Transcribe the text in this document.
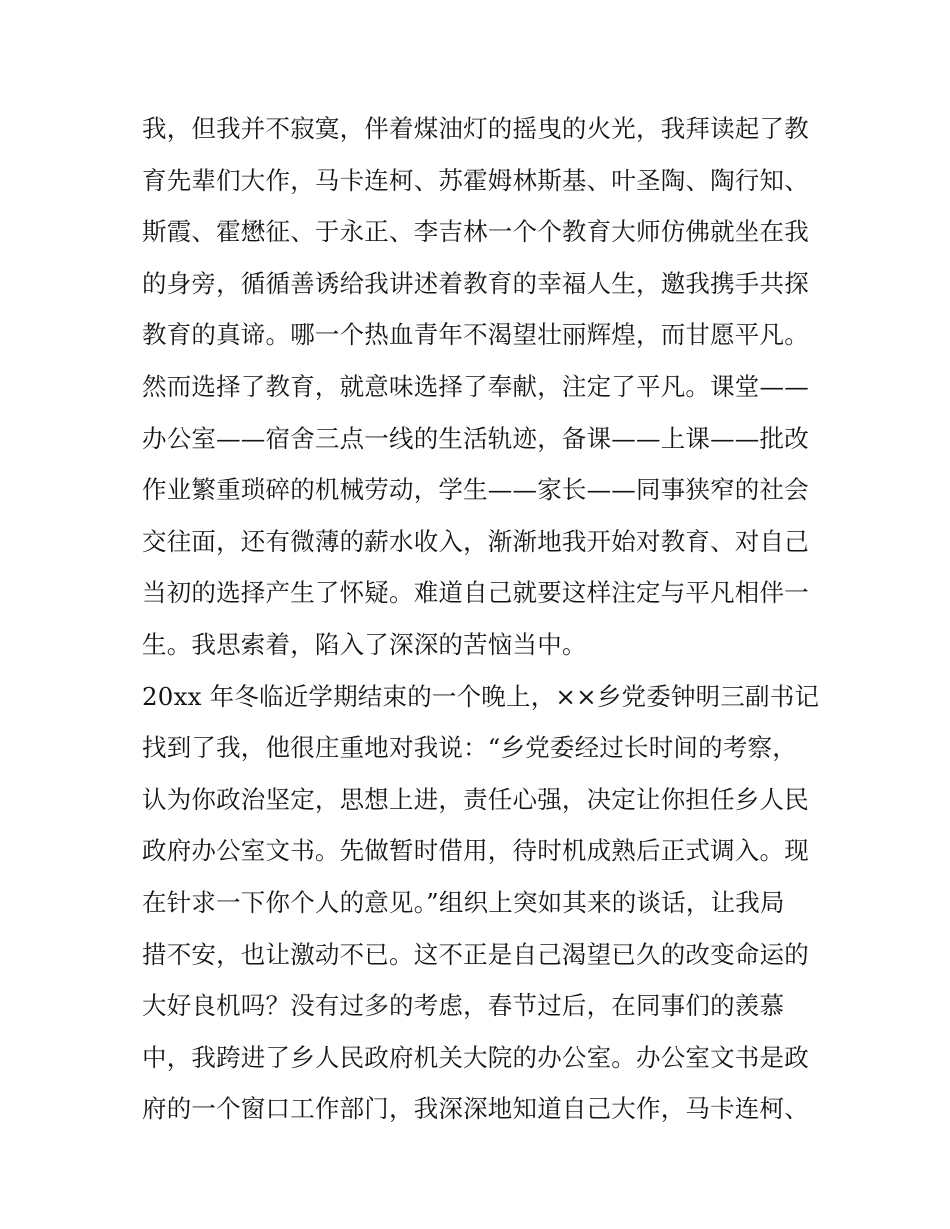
我，但我并不寂寞，伴着煤油灯的摇曳的火光，我拜读起了教
育先辈们大作，马卡连柯、苏霍姆林斯基、叶圣陶、陶行知、
斯霞、霍懋征、于永正、李吉林一个个教育大师仿佛就坐在我
的身旁，循循善诱给我讲述着教育的幸福人生，邀我携手共探
教育的真谛。哪一个热血青年不渴望壮丽辉煌，而甘愿平凡。
然而选择了教育，就意味选择了奉献，注定了平凡。课堂——
办公室——宿舍三点一线的生活轨迹，备课——上课——批改
作业繁重琐碎的机械劳动，学生——家长——同事狭窄的社会
交往面，还有微薄的薪水收入，渐渐地我开始对教育、对自己
当初的选择产生了怀疑。难道自己就要这样注定与平凡相伴一
生。我思索着，陷入了深深的苦恼当中。
20xx 年冬临近学期结束的一个晚上，××乡党委钟明三副书记
找到了我，他很庄重地对我说：“乡党委经过长时间的考察，
认为你政治坚定，思想上进，责任心强，决定让你担任乡人民
政府办公室文书。先做暂时借用，待时机成熟后正式调入。现
在针求一下你个人的意见。”组织上突如其来的谈话，让我局
措不安，也让激动不已。这不正是自己渴望已久的改变命运的
大好良机吗？没有过多的考虑，春节过后，在同事们的羡慕
中，我跨进了乡人民政府机关大院的办公室。办公室文书是政
府的一个窗口工作部门，我深深地知道自己大作，马卡连柯、
